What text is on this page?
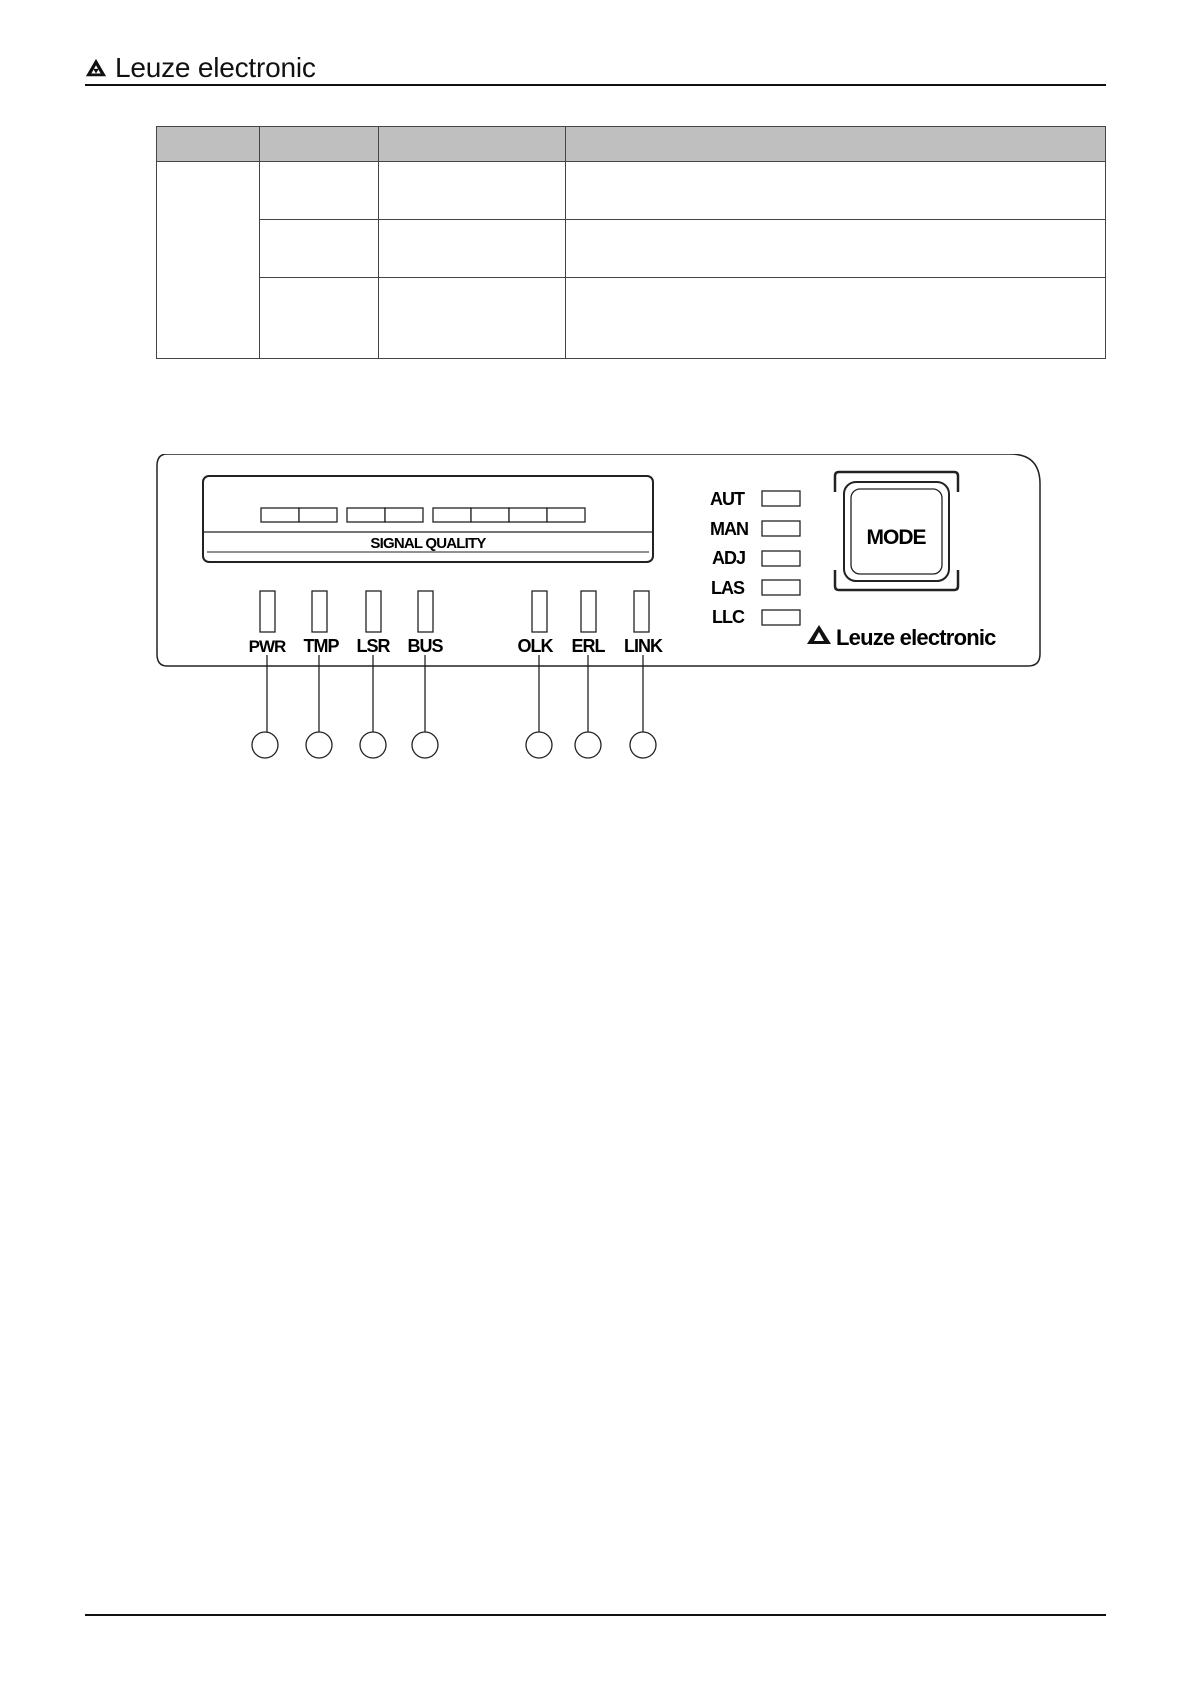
Leuze electronic

SIGNAL QUALITY
PWR TMP LSR BUS	OLK ERL LINK
AUT
MAN
ADJ
LAS
LLC
MODE
Leuze electronic
